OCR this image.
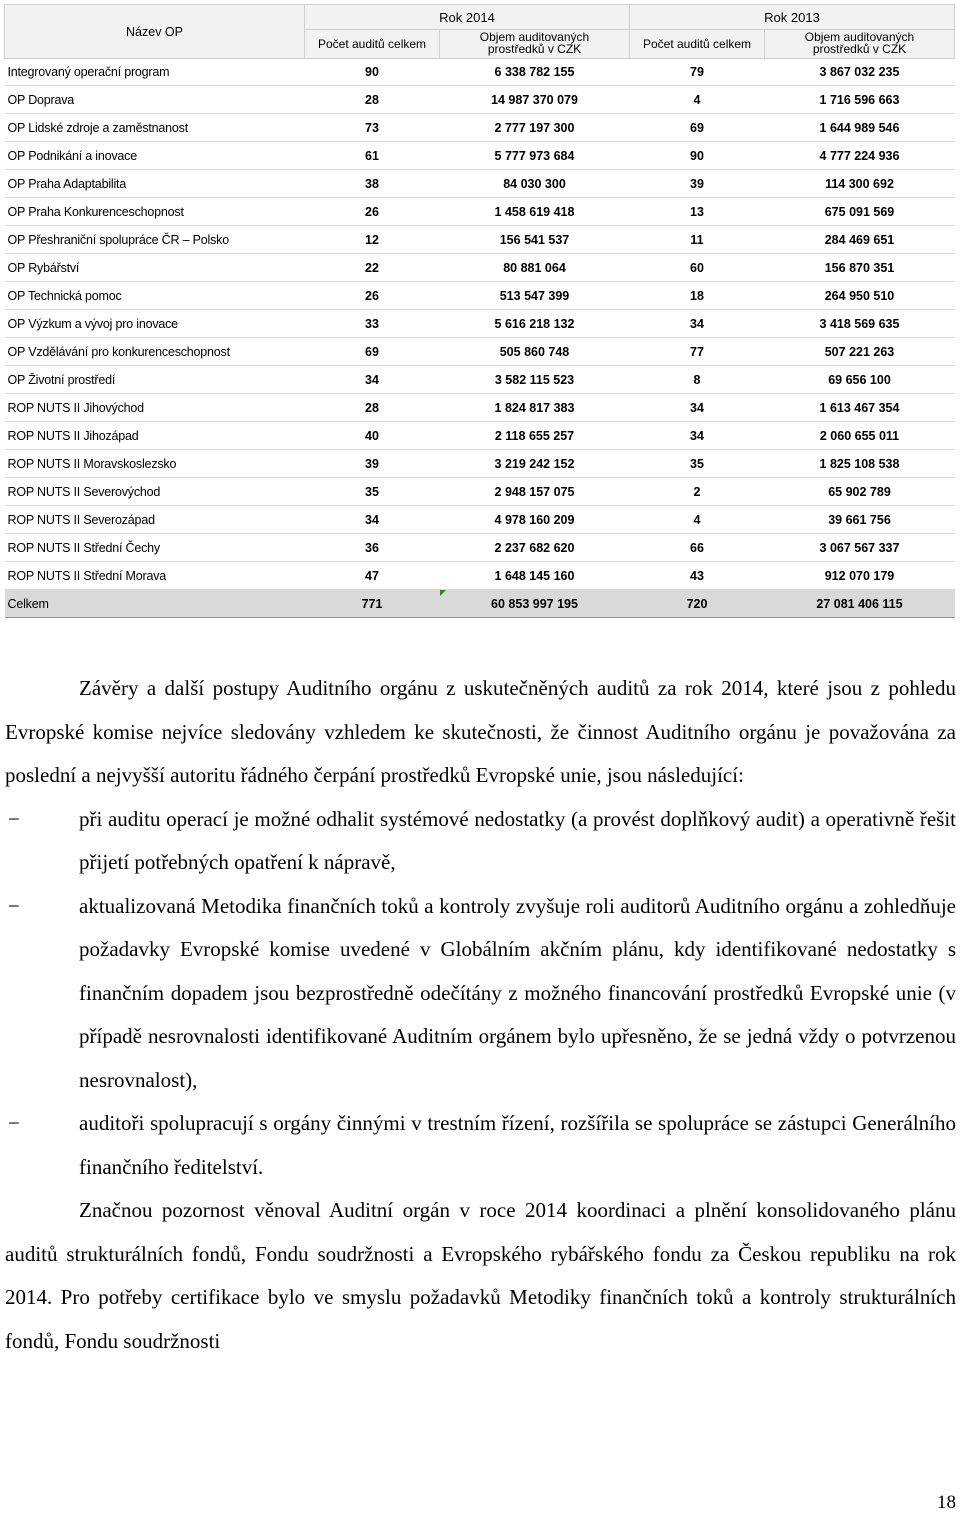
Název OP	Rok 2014		Rok 2013	
	Počet auditů celkem	Objem auditovaných
prostředků v CZK	Počet auditů celkem	Objem auditovaných
prostředků v CZK
Integrovaný operační program	90	6 338 782 155	79	3 867 032 235
OP Doprava	28	14 987 370 079	4	1 716 596 663
OP Lidské zdroje a zaměstnanost	73	2 777 197 300	69	1 644 989 546
OP Podnikání a inovace	61	5 777 973 684	90	4 777 224 936
OP Praha Adaptabilita	38	84 030 300	39	114 300 692
OP Praha Konkurenceschopnost	26	1 458 619 418	13	675 091 569
OP Přeshraniční spolupráce ČR – Polsko	12	156 541 537	11	284 469 651
OP Rybářství	22	80 881 064	60	156 870 351
OP Technická pomoc	26	513 547 399	18	264 950 510
OP Výzkum a vývoj pro inovace	33	5 616 218 132	34	3 418 569 635
OP Vzdělávání pro konkurenceschopnost	69	505 860 748	77	507 221 263
OP Životní prostředí	34	3 582 115 523	8	69 656 100
ROP NUTS II Jihovýchod	28	1 824 817 383	34	1 613 467 354
ROP NUTS II Jihozápad	40	2 118 655 257	34	2 060 655 011
ROP NUTS II Moravskoslezsko	39	3 219 242 152	35	1 825 108 538
ROP NUTS II Severovýchod	35	2 948 157 075	2	65 902 789
ROP NUTS II Severozápad	34	4 978 160 209	4	39 661 756
ROP NUTS II Střední Čechy	36	2 237 682 620	66	3 067 567 337
ROP NUTS II Střední Morava	47	1 648 145 160	43	912 070 179
Celkem	771	60 853 997 195	720	27 081 406 115

Závěry a další postupy Auditního orgánu z uskutečněných auditů za rok 2014, které jsou z pohledu Evropské komise nejvíce sledovány vzhledem ke skutečnosti, že činnost Auditního orgánu je považována za poslední a nejvyšší autoritu řádného čerpání prostředků Evropské unie, jsou následující:

−	při auditu operací je možné odhalit systémové nedostatky (a provést doplňkový audit) a operativně řešit přijetí potřebných opatření k nápravě,
−	aktualizovaná Metodika finančních toků a kontroly zvyšuje roli auditorů Auditního orgánu a zohledňuje požadavky Evropské komise uvedené v Globálním akčním plánu, kdy identifikované nedostatky s finančním dopadem jsou bezprostředně odečítány z možného financování prostředků Evropské unie (v případě nesrovnalosti identifikované Auditním orgánem bylo upřesněno, že se jedná vždy o potvrzenou nesrovnalost),
−	auditoři spolupracují s orgány činnými v trestním řízení, rozšířila se spolupráce se zástupci Generálního finančního ředitelství.

Značnou pozornost věnoval Auditní orgán v roce 2014 koordinaci a plnění konsolidovaného plánu auditů strukturálních fondů, Fondu soudržnosti a Evropského rybářského fondu za Českou republiku na rok 2014. Pro potřeby certifikace bylo ve smyslu požadavků Metodiky finančních toků a kontroly strukturálních fondů, Fondu soudržnosti

18
